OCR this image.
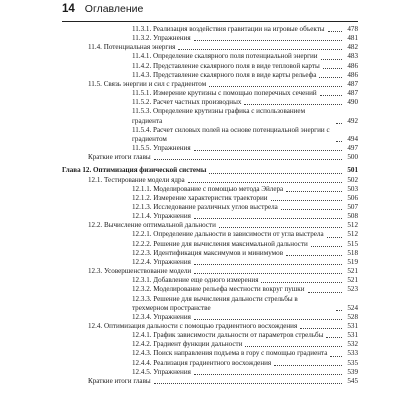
14 Оглавление
11.3.1. Реализация воздействия гравитации на игровые объекты	478
11.3.2. Упражнения	481
11.4. Потенциальная энергия	482
11.4.1. Определение скалярного поля потенциальной энергии	483
11.4.2. Представление скалярного поля в виде тепловой карты	486
11.4.3. Представление скалярного поля в виде карты рельефа	486
11.5. Связь энергии и сил с градиентом	487
11.5.1. Измерение крутизны с помощью поперечных сечений	487
11.5.2. Расчет частных производных	490
11.5.3. Определение крутизны графика с использованием градиента	492
11.5.4. Расчет силовых полей на основе потенциальной энергии с градиентом	494
11.5.5. Упражнения	497
Краткие итоги главы	500
Глава 12. Оптимизация физической системы	501
12.1. Тестирование модели ядра	502
12.1.1. Моделирование с помощью метода Эйлера	503
12.1.2. Измерение характеристик траектории	506
12.1.3. Исследование различных углов выстрела	507
12.1.4. Упражнения	508
12.2. Вычисление оптимальной дальности	512
12.2.1. Определение дальности в зависимости от угла выстрела	512
12.2.2. Решение для вычисления максимальной дальности	515
12.2.3. Идентификация максимумов и минимумов	518
12.2.4. Упражнения	519
12.3. Усовершенствование модели	521
12.3.1. Добавление еще одного измерения	521
12.3.2. Моделирование рельефа местности вокруг пушки	523
12.3.3. Решение для вычисления дальности стрельбы в трехмерном пространстве	524
12.3.4. Упражнения	528
12.4. Оптимизация дальности с помощью градиентного восхождения	531
12.4.1. График зависимости дальности от параметров стрельбы	531
12.4.2. Градиент функции дальности	532
12.4.3. Поиск направления подъема в гору с помощью градиента	533
12.4.4. Реализация градиентного восхождения	535
12.4.5. Упражнения	539
Краткие итоги главы	545
